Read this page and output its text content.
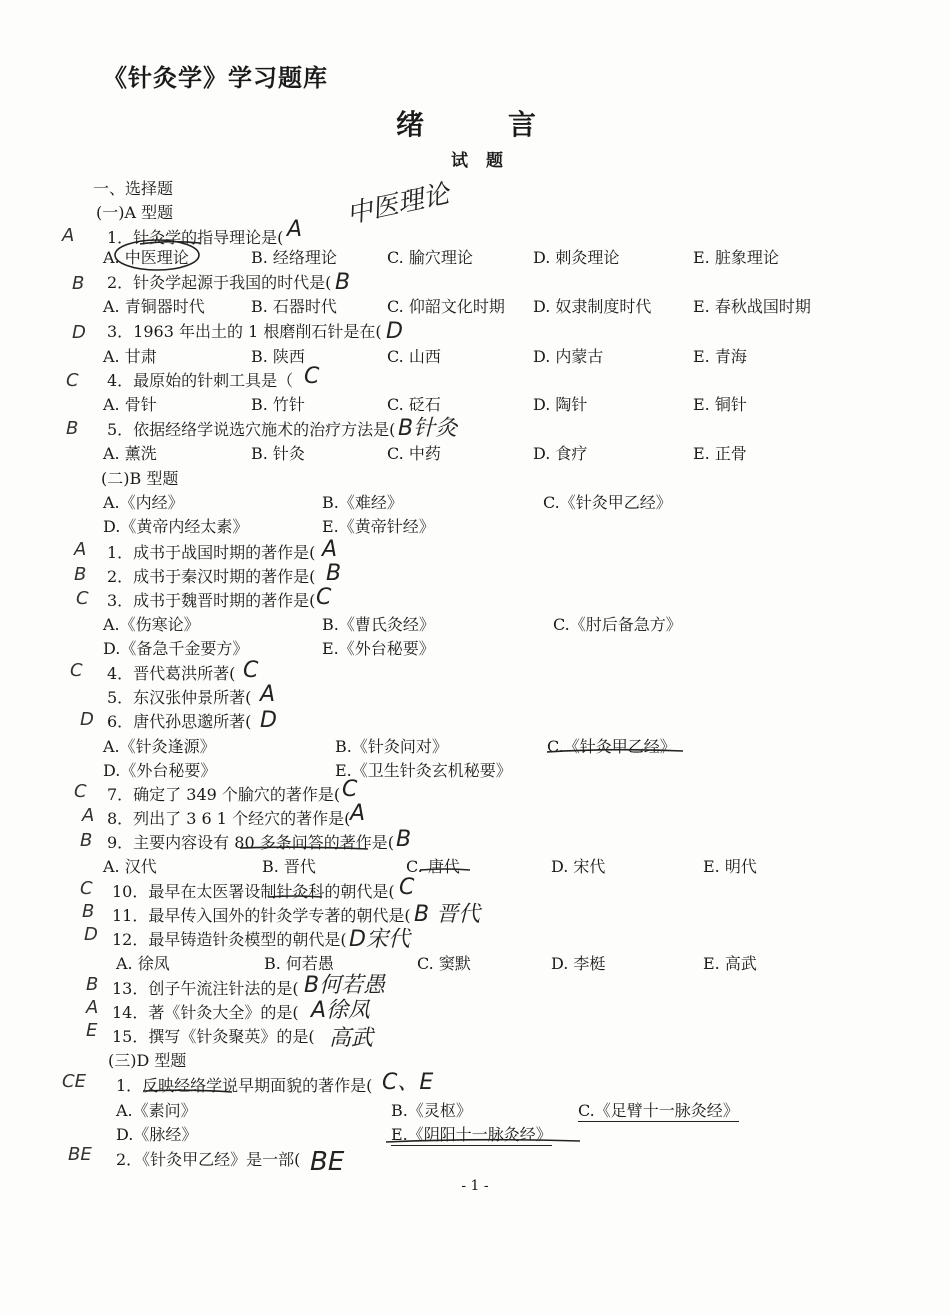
《针灸学》学习题库
绪　言
试 题
一、选择题
(一)A 型题
1．针灸学的指导理论是(
A. 中医理论	B. 经络理论	C. 腧穴理论	D. 刺灸理论	E. 脏象理论
2．针灸学起源于我国的时代是(
A. 青铜器时代	B. 石器时代	C. 仰韶文化时期 D. 奴隶制度时代	E. 春秋战国时期
3．1963 年出土的 1 根磨削石针是在(
A. 甘肃	B. 陕西	C. 山西	D. 内蒙古	E. 青海
4．最原始的针刺工具是（
A. 骨针	B. 竹针	C. 砭石	D. 陶针	E. 铜针
5．依据经络学说选穴施术的治疗方法是(
A. 薰洗	B. 针灸	C. 中药	D. 食疗	E. 正骨
(二)B 型题
A.《内经》	B.《难经》	C.《针灸甲乙经》
D.《黄帝内经太素》	E.《黄帝针经》
1．成书于战国时期的著作是(
2．成书于秦汉时期的著作是(
3．成书于魏晋时期的著作是(
A.《伤寒论》	B.《曹氏灸经》	C.《肘后备急方》
D.《备急千金要方》	E.《外台秘要》
4．晋代葛洪所著(
5．东汉张仲景所著(
6．唐代孙思邈所著(
A.《针灸逢源》	B.《针灸问对》	C.《针灸甲乙经》
D.《外台秘要》	E.《卫生针灸玄机秘要》
7．确定了 349 个腧穴的著作是(
8．列出了 3 6 1 个经穴的著作是(
9．主要内容设有 80 多条问答的著作是(
A. 汉代	B. 晋代	C. 唐代	D. 宋代	E. 明代
10．最早在太医署设制针灸科的朝代是(
11．最早传入国外的针灸学专著的朝代是(
12．最早铸造针灸模型的朝代是(
A. 徐凤	B. 何若愚	C. 窦默	D. 李梃	E. 高武
13．创子午流注针法的是(
14．著《针灸大全》的是(
15．撰写《针灸聚英》的是(
(三)D 型题
1．反映经络学说早期面貌的著作是(
A.《素问》	B.《灵枢》	C.《足臂十一脉灸经》
D.《脉经》	E.《阴阳十一脉灸经》
2．《针灸甲乙经》是一部(
- 1 -
A 中医理论
B
D
C
B针灸
A
B
C
C
A
D
C
A
B
C
B 晋代
D宋代
B何若愚
A徐凤
高武
C、E
BE
A
B
D
C
B
A
B
C
C
D
C
A
B
C
B
D
B
A
E
CE
BE
